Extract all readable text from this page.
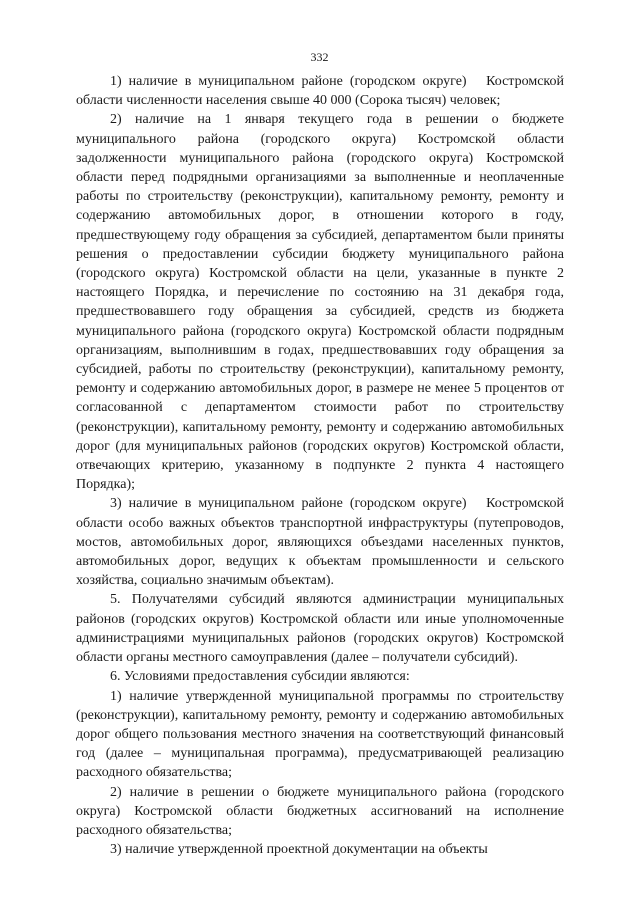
332

1) наличие в муниципальном районе (городском округе) Костромской области численности населения свыше 40 000 (Сорока тысяч) человек;

2) наличие на 1 января текущего года в решении о бюджете муниципального района (городского округа) Костромской области задолженности муниципального района (городского округа) Костромской области перед подрядными организациями за выполненные и неоплаченные работы по строительству (реконструкции), капитальному ремонту, ремонту и содержанию автомобильных дорог, в отношении которого в году, предшествующему году обращения за субсидией, департаментом были приняты решения о предоставлении субсидии бюджету муниципального района (городского округа) Костромской области на цели, указанные в пункте 2 настоящего Порядка, и перечисление по состоянию на 31 декабря года, предшествовавшего году обращения за субсидией, средств из бюджета муниципального района (городского округа) Костромской области подрядным организациям, выполнившим в годах, предшествовавших году обращения за субсидией, работы по строительству (реконструкции), капитальному ремонту, ремонту и содержанию автомобильных дорог, в размере не менее 5 процентов от согласованной с департаментом стоимости работ по строительству (реконструкции), капитальному ремонту, ремонту и содержанию автомобильных дорог (для муниципальных районов (городских округов) Костромской области, отвечающих критерию, указанному в подпункте 2 пункта 4 настоящего Порядка);

3) наличие в муниципальном районе (городском округе) Костромской области особо важных объектов транспортной инфраструктуры (путепроводов, мостов, автомобильных дорог, являющихся объездами населенных пунктов, автомобильных дорог, ведущих к объектам промышленности и сельского хозяйства, социально значимым объектам).

5. Получателями субсидий являются администрации муниципальных районов (городских округов) Костромской области или иные уполномоченные администрациями муниципальных районов (городских округов) Костромской области органы местного самоуправления (далее – получатели субсидий).

6. Условиями предоставления субсидии являются:

1) наличие утвержденной муниципальной программы по строительству (реконструкции), капитальному ремонту, ремонту и содержанию автомобильных дорог общего пользования местного значения на соответствующий финансовый год (далее – муниципальная программа), предусматривающей реализацию расходного обязательства;

2) наличие в решении о бюджете муниципального района (городского округа) Костромской области бюджетных ассигнований на исполнение расходного обязательства;

3) наличие утвержденной проектной документации на объекты
